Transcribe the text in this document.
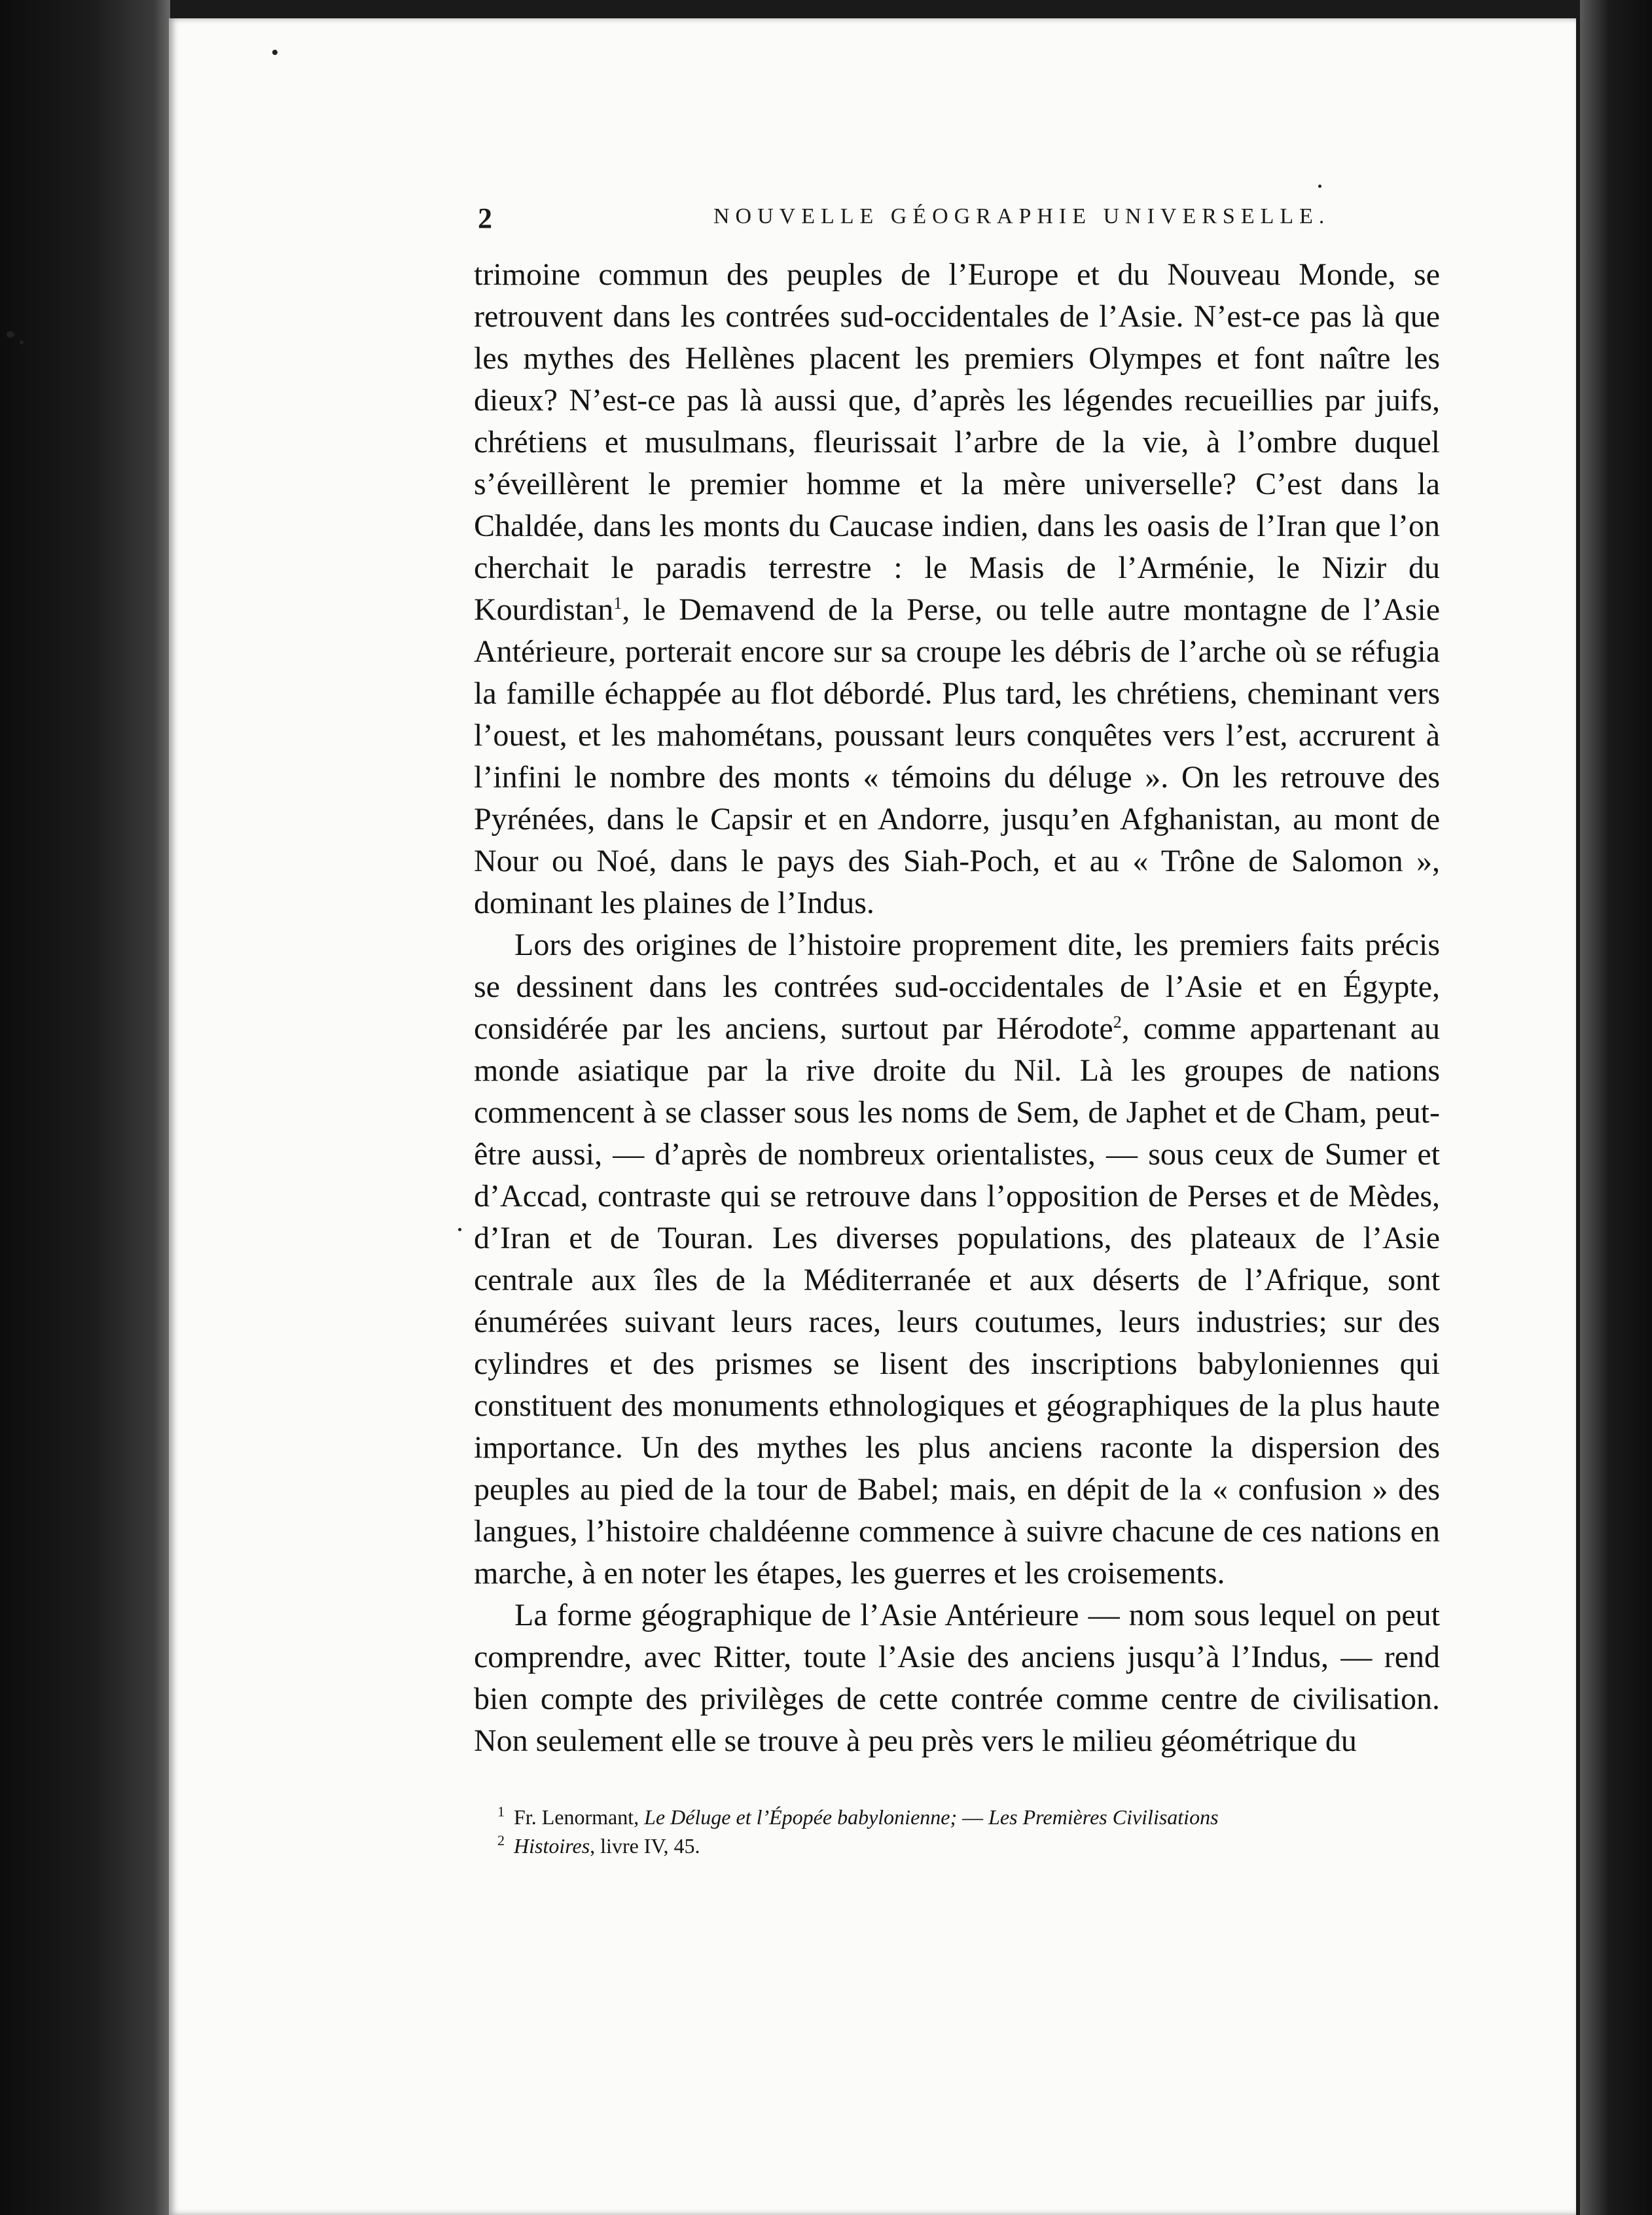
2	NOUVELLE GÉOGRAPHIE UNIVERSELLE.

trimoine commun des peuples de l’Europe et du Nouveau Monde, se retrouvent dans les contrées sud-occidentales de l’Asie. N’est-ce pas là que les mythes des Hellènes placent les premiers Olympes et font naître les dieux? N’est-ce pas là aussi que, d’après les légendes recueillies par juifs, chrétiens et musulmans, fleurissait l’arbre de la vie, à l’ombre duquel s’éveillèrent le premier homme et la mère universelle? C’est dans la Chaldée, dans les monts du Caucase indien, dans les oasis de l’Iran que l’on cherchait le paradis terrestre : le Masis de l’Arménie, le Nizir du Kourdistan$^1$, le Demavend de la Perse, ou telle autre montagne de l’Asie Antérieure, porterait encore sur sa croupe les débris de l’arche où se réfugia la famille échappée au flot débordé. Plus tard, les chrétiens, cheminant vers l’ouest, et les mahométans, poussant leurs conquêtes vers l’est, accrurent à l’infini le nombre des monts « témoins du déluge ». On les retrouve des Pyrénées, dans le Capsir et en Andorre, jusqu’en Afghanistan, au mont de Nour ou Noé, dans le pays des Siah-Poch, et au « Trône de Salomon », dominant les plaines de l’Indus.

Lors des origines de l’histoire proprement dite, les premiers faits précis se dessinent dans les contrées sud-occidentales de l’Asie et en Égypte, considérée par les anciens, surtout par Hérodote$^2$, comme appartenant au monde asiatique par la rive droite du Nil. Là les groupes de nations commencent à se classer sous les noms de Sem, de Japhet et de Cham, peut-être aussi, — d’après de nombreux orientalistes, — sous ceux de Sumer et d’Accad, contraste qui se retrouve dans l’opposition de Perses et de Mèdes, d’Iran et de Touran. Les diverses populations, des plateaux de l’Asie centrale aux îles de la Méditerranée et aux déserts de l’Afrique, sont énumérées suivant leurs races, leurs coutumes, leurs industries; sur des cylindres et des prismes se lisent des inscriptions babyloniennes qui constituent des monuments ethnologiques et géographiques de la plus haute importance. Un des mythes les plus anciens raconte la dispersion des peuples au pied de la tour de Babel; mais, en dépit de la « confusion » des langues, l’histoire chaldéenne commence à suivre chacune de ces nations en marche, à en noter les étapes, les guerres et les croisements.

La forme géographique de l’Asie Antérieure — nom sous lequel on peut comprendre, avec Ritter, toute l’Asie des anciens jusqu’à l’Indus, — rend bien compte des privilèges de cette contrée comme centre de civilisation. Non seulement elle se trouve à peu près vers le milieu géométrique du

$^1$ Fr. Lenormant, Le Déluge et l’Épopée babylonienne; — Les Premières Civilisations
$^2$ Histoires, livre IV, 45.
